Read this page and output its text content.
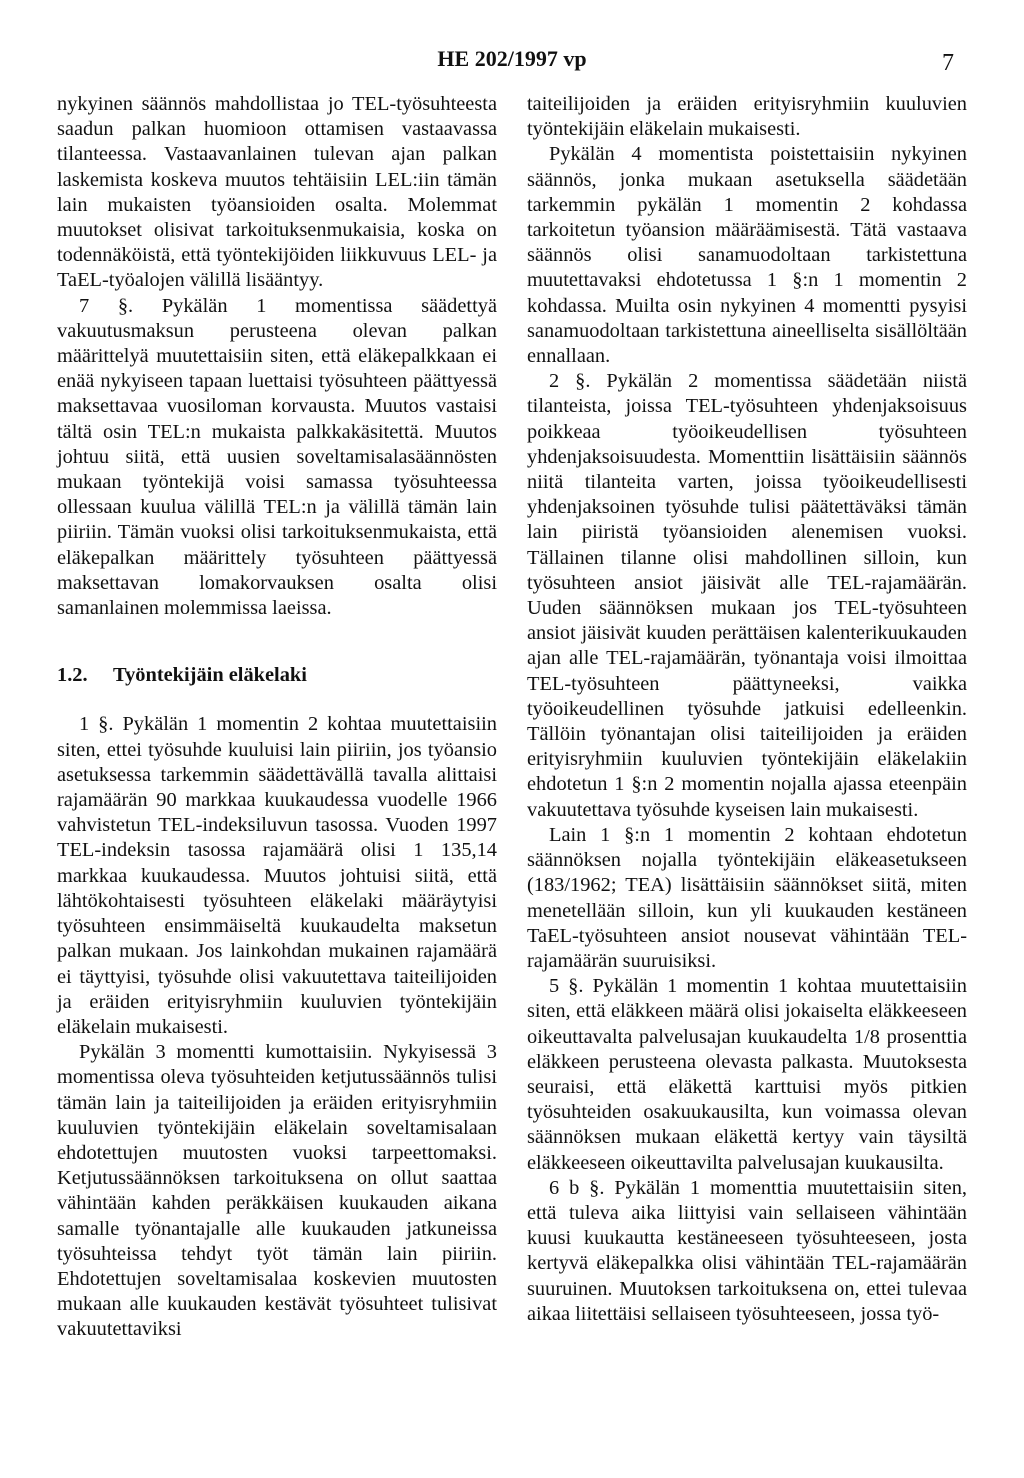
HE 202/1997 vp	7

nykyinen säännös mahdollistaa jo TEL-työsuhteesta saadun palkan huomioon ottamisen vastaavassa tilanteessa. Vastaavanlainen tulevan ajan palkan laskemista koskeva muutos tehtäisiin LEL:iin tämän lain mukaisten työansioiden osalta. Molemmat muutokset olisivat tarkoituksenmukaisia, koska on todennäköistä, että työntekijöiden liikkuvuus LEL- ja TaEL-työalojen välillä lisääntyy.

7 §. Pykälän 1 momentissa säädettyä vakuutusmaksun perusteena olevan palkan määrittelyä muutettaisiin siten, että eläkepalkkaan ei enää nykyiseen tapaan luettaisi työsuhteen päättyessä maksettavaa vuosiloman korvausta. Muutos vastaisi tältä osin TEL:n mukaista palkkakäsitettä. Muutos johtuu siitä, että uusien soveltamisalasäännösten mukaan työntekijä voisi samassa työsuhteessa ollessaan kuulua välillä TEL:n ja välillä tämän lain piiriin. Tämän vuoksi olisi tarkoituksenmukaista, että eläkepalkan määrittely työsuhteen päättyessä maksettavan lomakorvauksen osalta olisi samanlainen molemmissa laeissa.

1.2. Työntekijäin eläkelaki

1 §. Pykälän 1 momentin 2 kohtaa muutettaisiin siten, ettei työsuhde kuuluisi lain piiriin, jos työansio asetuksessa tarkemmin säädettävällä tavalla alittaisi rajamäärän 90 markkaa kuukaudessa vuodelle 1966 vahvistetun TEL-indeksiluvun tasossa. Vuoden 1997 TEL-indeksin tasossa rajamäärä olisi 1 135,14 markkaa kuukaudessa. Muutos johtuisi siitä, että lähtökohtaisesti työsuhteen eläkelaki määräytyisi työsuhteen ensimmäiseltä kuukaudelta maksetun palkan mukaan. Jos lainkohdan mukainen rajamäärä ei täyttyisi, työsuhde olisi vakuutettava taiteilijoiden ja eräiden erityisryhmiin kuuluvien työntekijäin eläkelain mukaisesti.

Pykälän 3 momentti kumottaisiin. Nykyisessä 3 momentissa oleva työsuhteiden ketjutussäännös tulisi tämän lain ja taiteilijoiden ja eräiden erityisryhmiin kuuluvien työntekijäin eläkelain soveltamisalaan ehdotettujen muutosten vuoksi tarpeettomaksi. Ketjutussäännöksen tarkoituksena on ollut saattaa vähintään kahden peräkkäisen kuukauden aikana samalle työnantajalle alle kuukauden jatkuneissa työsuhteissa tehdyt työt tämän lain piiriin. Ehdotettujen soveltamisalaa koskevien muutosten mukaan alle kuukauden kestävät työsuhteet tulisivat vakuutettaviksi

taiteilijoiden ja eräiden erityisryhmiin kuuluvien työntekijäin eläkelain mukaisesti.

Pykälän 4 momentista poistettaisiin nykyinen säännös, jonka mukaan asetuksella säädetään tarkemmin pykälän 1 momentin 2 kohdassa tarkoitetun työansion määräämisestä. Tätä vastaava säännös olisi sanamuodoltaan tarkistettuna muutettavaksi ehdotetussa 1 §:n 1 momentin 2 kohdassa. Muilta osin nykyinen 4 momentti pysyisi sanamuodoltaan tarkistettuna aineelliselta sisällöltään ennallaan.

2 §. Pykälän 2 momentissa säädetään niistä tilanteista, joissa TEL-työsuhteen yhdenjaksoisuus poikkeaa työoikeudellisen työsuhteen yhdenjaksoisuudesta. Momenttiin lisättäisiin säännös niitä tilanteita varten, joissa työoikeudellisesti yhdenjaksoinen työsuhde tulisi päätettäväksi tämän lain piiristä työansioiden alenemisen vuoksi. Tällainen tilanne olisi mahdollinen silloin, kun työsuhteen ansiot jäisivät alle TEL-rajamäärän. Uuden säännöksen mukaan jos TEL-työsuhteen ansiot jäisivät kuuden perättäisen kalenterikuukauden ajan alle TEL-rajamäärän, työnantaja voisi ilmoittaa TEL-työsuhteen päättyneeksi, vaikka työoikeudellinen työsuhde jatkuisi edelleenkin. Tällöin työnantajan olisi taiteilijoiden ja eräiden erityisryhmiin kuuluvien työntekijäin eläkelakiin ehdotetun 1 §:n 2 momentin nojalla ajassa eteenpäin vakuutettava työsuhde kyseisen lain mukaisesti.

Lain 1 §:n 1 momentin 2 kohtaan ehdotetun säännöksen nojalla työntekijäin eläkeasetukseen (183/1962; TEA) lisättäisiin säännökset siitä, miten menetellään silloin, kun yli kuukauden kestäneen TaEL-työsuhteen ansiot nousevat vähintään TEL-rajamäärän suuruisiksi.

5 §. Pykälän 1 momentin 1 kohtaa muutettaisiin siten, että eläkkeen määrä olisi jokaiselta eläkkeeseen oikeuttavalta palvelusajan kuukaudelta 1/8 prosenttia eläkkeen perusteena olevasta palkasta. Muutoksesta seuraisi, että eläkettä karttuisi myös pitkien työsuhteiden osakuukausilta, kun voimassa olevan säännöksen mukaan eläkettä kertyy vain täysiltä eläkkeeseen oikeuttavilta palvelusajan kuukausilta.

6 b §. Pykälän 1 momenttia muutettaisiin siten, että tuleva aika liittyisi vain sellaiseen vähintään kuusi kuukautta kestäneeseen työsuhteeseen, josta kertyvä eläkepalkka olisi vähintään TEL-rajamäärän suuruinen. Muutoksen tarkoituksena on, ettei tulevaa aikaa liitettäisi sellaiseen työsuhteeseen, jossa työ-
